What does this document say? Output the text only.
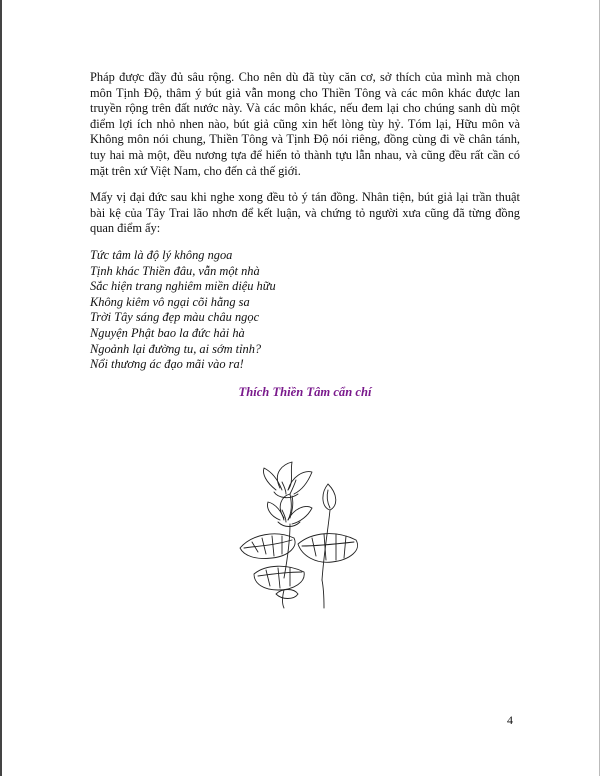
Pháp được đầy đủ sâu rộng. Cho nên dù đã tùy căn cơ, sở thích của mình mà chọn môn Tịnh Độ, thâm ý bút giả vẫn mong cho Thiền Tông và các môn khác được lan truyền rộng trên đất nước này. Và các môn khác, nếu đem lại cho chúng sanh dù một điểm lợi ích nhỏ nhen nào, bút giả cũng xin hết lòng tùy hỷ. Tóm lại, Hữu môn và Không môn nói chung, Thiền Tông và Tịnh Độ nói riêng, đồng cùng đi về chân tánh, tuy hai mà một, đều nương tựa để hiển tỏ thành tựu lẫn nhau, và cũng đều rất cần có mặt trên xứ Việt Nam, cho đến cả thế giới.

Mấy vị đại đức sau khi nghe xong đều tỏ ý tán đồng. Nhân tiện, bút giả lại trần thuật bài kệ của Tây Trai lão nhơn để kết luận, và chứng tỏ người xưa cũng đã từng đồng quan điểm ấy:

Tức tâm là độ lý không ngoa
Tịnh khác Thiền đâu, vẫn một nhà
Sắc hiện trang nghiêm miền diệu hữu
Không kiêm vô ngại cõi hằng sa
Trời Tây sáng đẹp màu châu ngọc
Nguyện Phật bao la đức hải hà
Ngoảnh lại đường tu, ai sớm tỉnh?
Nổi thương ác đạo mãi vào ra!
Thích Thiền Tâm cẩn chí
4
